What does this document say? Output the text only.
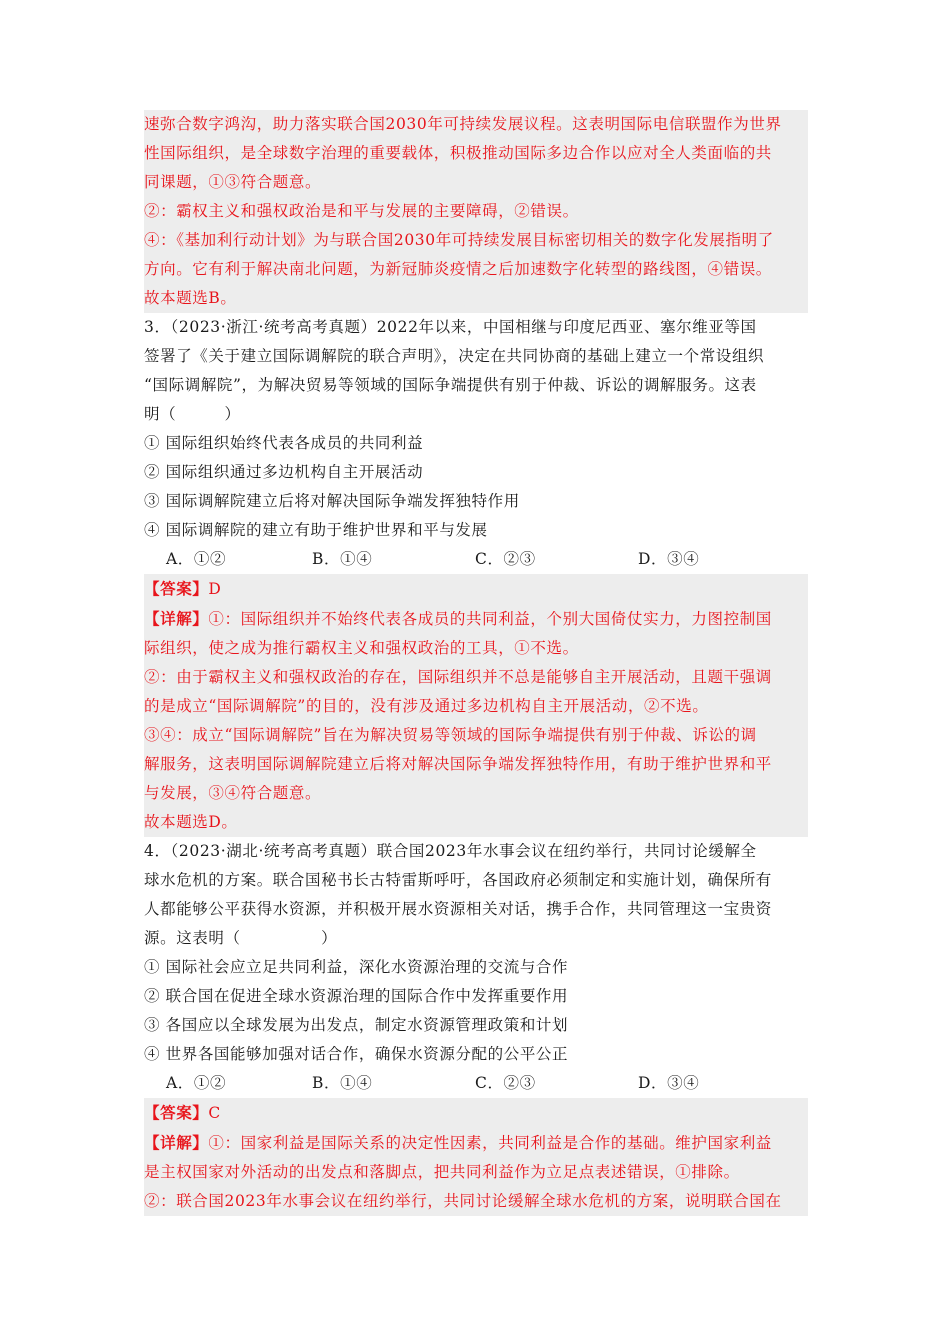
速弥合数字鸿沟，助力落实联合国2030年可持续发展议程。这表明国际电信联盟作为世界
性国际组织，是全球数字治理的重要载体，积极推动国际多边合作以应对全人类面临的共
同课题，①③符合题意。
②：霸权主义和强权政治是和平与发展的主要障碍，②错误。
④：《基加利行动计划》为与联合国2030年可持续发展目标密切相关的数字化发展指明了
方向。它有利于解决南北问题，为新冠肺炎疫情之后加速数字化转型的路线图，④错误。
故本题选B。
3．（2023·浙江·统考高考真题）2022年以来，中国相继与印度尼西亚、塞尔维亚等国
签署了《关于建立国际调解院的联合声明》，决定在共同协商的基础上建立一个常设组织
“国际调解院”，为解决贸易等领域的国际争端提供有别于仲裁、诉讼的调解服务。这表
明（　　　）
① 国际组织始终代表各成员的共同利益
② 国际组织通过多边机构自主开展活动
③ 国际调解院建立后将对解决国际争端发挥独特作用
④ 国际调解院的建立有助于维护世界和平与发展
A．①②	B．①④	C．②③	D．③④
【答案】D
【详解】①：国际组织并不始终代表各成员的共同利益，个别大国倚仗实力，力图控制国
际组织，使之成为推行霸权主义和强权政治的工具，①不选。
②：由于霸权主义和强权政治的存在，国际组织并不总是能够自主开展活动，且题干强调
的是成立“国际调解院”的目的，没有涉及通过多边机构自主开展活动，②不选。
③④：成立“国际调解院”旨在为解决贸易等领域的国际争端提供有别于仲裁、诉讼的调
解服务，这表明国际调解院建立后将对解决国际争端发挥独特作用，有助于维护世界和平
与发展，③④符合题意。
故本题选D。
4．（2023·湖北·统考高考真题）联合国2023年水事会议在纽约举行，共同讨论缓解全
球水危机的方案。联合国秘书长古特雷斯呼吁，各国政府必须制定和实施计划，确保所有
人都能够公平获得水资源，并积极开展水资源相关对话，携手合作，共同管理这一宝贵资
源。这表明（　　　　　）
① 国际社会应立足共同利益，深化水资源治理的交流与合作
② 联合国在促进全球水资源治理的国际合作中发挥重要作用
③ 各国应以全球发展为出发点，制定水资源管理政策和计划
④ 世界各国能够加强对话合作，确保水资源分配的公平公正
A．①②	B．①④	C．②③	D．③④
【答案】C
【详解】①：国家利益是国际关系的决定性因素，共同利益是合作的基础。维护国家利益
是主权国家对外活动的出发点和落脚点，把共同利益作为立足点表述错误，①排除。
②：联合国2023年水事会议在纽约举行，共同讨论缓解全球水危机的方案，说明联合国在
